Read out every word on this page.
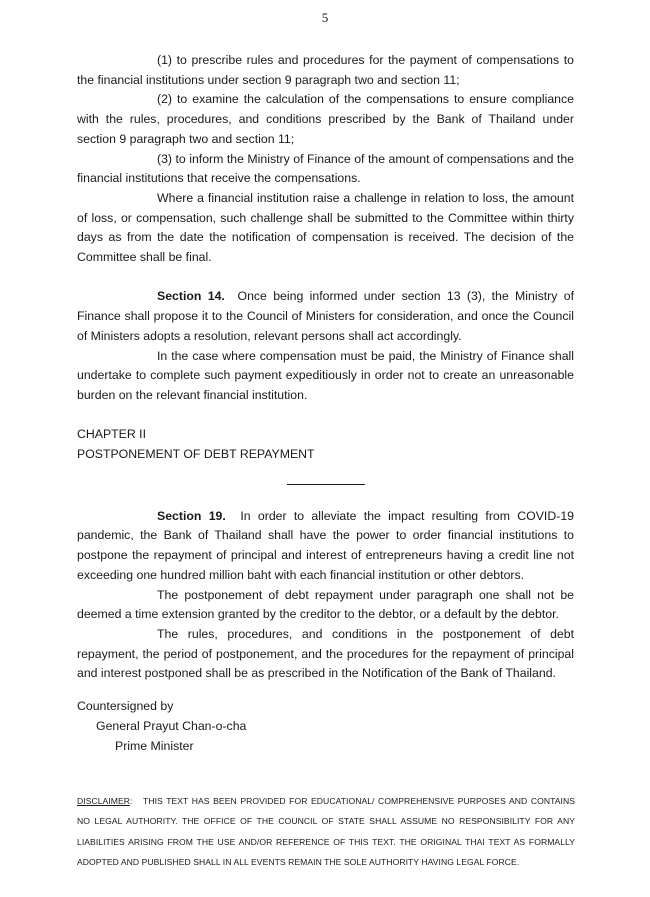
5

(1) to prescribe rules and procedures for the payment of compensations to the financial institutions under section 9 paragraph two and section 11;

(2) to examine the calculation of the compensations to ensure compliance with the rules, procedures, and conditions prescribed by the Bank of Thailand under section 9 paragraph two and section 11;

(3) to inform the Ministry of Finance of the amount of compensations and the financial institutions that receive the compensations.

Where a financial institution raise a challenge in relation to loss, the amount of loss, or compensation, such challenge shall be submitted to the Committee within thirty days as from the date the notification of compensation is received. The decision of the Committee shall be final.

Section 14. Once being informed under section 13 (3), the Ministry of Finance shall propose it to the Council of Ministers for consideration, and once the Council of Ministers adopts a resolution, relevant persons shall act accordingly.

In the case where compensation must be paid, the Ministry of Finance shall undertake to complete such payment expeditiously in order not to create an unreasonable burden on the relevant financial institution.

CHAPTER II

POSTPONEMENT OF DEBT REPAYMENT

Section 19. In order to alleviate the impact resulting from COVID-19 pandemic, the Bank of Thailand shall have the power to order financial institutions to postpone the repayment of principal and interest of entrepreneurs having a credit line not exceeding one hundred million baht with each financial institution or other debtors.

The postponement of debt repayment under paragraph one shall not be deemed a time extension granted by the creditor to the debtor, or a default by the debtor.

The rules, procedures, and conditions in the postponement of debt repayment, the period of postponement, and the procedures for the repayment of principal and interest postponed shall be as prescribed in the Notification of the Bank of Thailand.

Countersigned by
General Prayut Chan-o-cha
Prime Minister
DISCLAIMER:   THIS TEXT HAS BEEN PROVIDED FOR EDUCATIONAL/ COMPREHENSIVE PURPOSES AND CONTAINS NO LEGAL AUTHORITY. THE OFFICE OF THE COUNCIL OF STATE SHALL ASSUME NO RESPONSIBILITY FOR ANY LIABILITIES ARISING FROM THE USE AND/OR REFERENCE OF THIS TEXT. THE ORIGINAL THAI TEXT AS FORMALLY ADOPTED AND PUBLISHED SHALL IN ALL EVENTS REMAIN THE SOLE AUTHORITY HAVING LEGAL FORCE.
